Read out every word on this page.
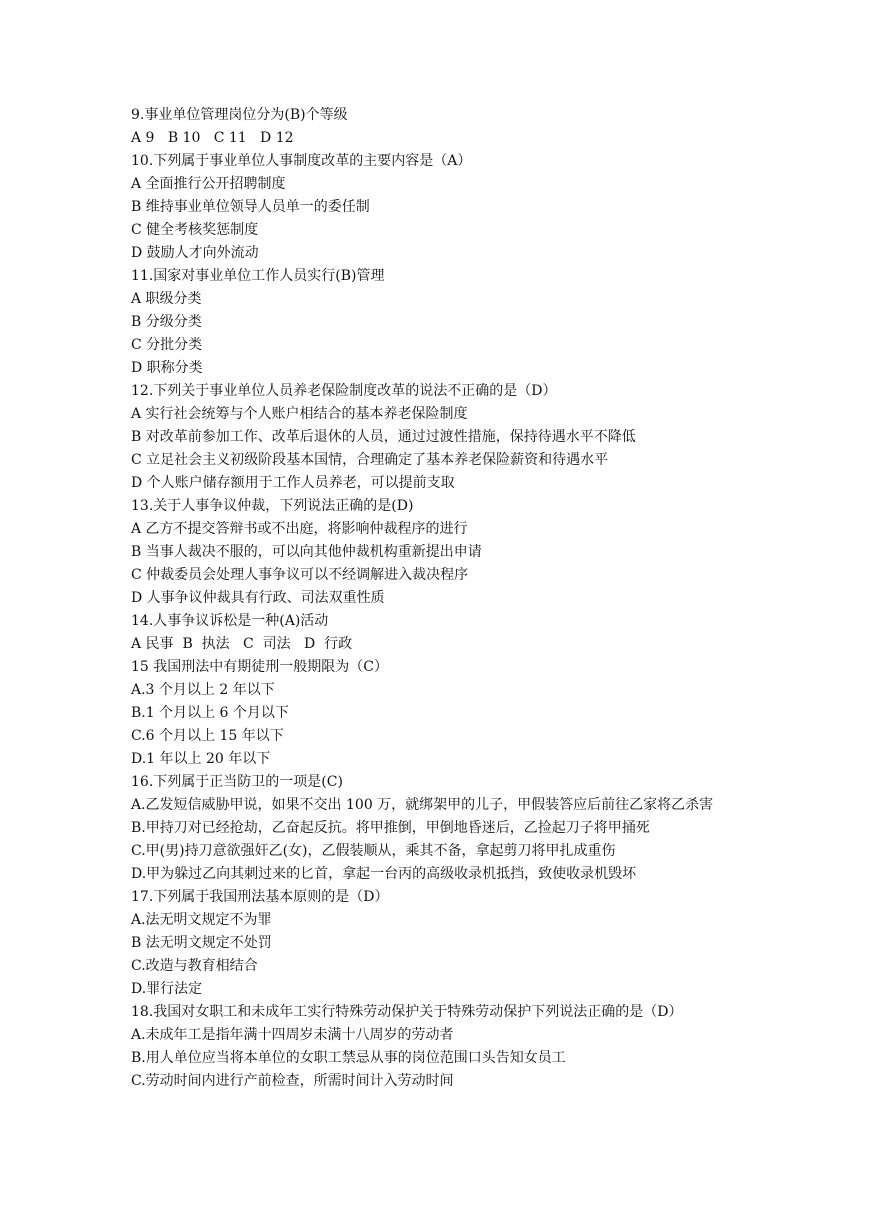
9.事业单位管理岗位分为(B)个等级
A 9   B 10   C 11   D 12
10.下列属于事业单位人事制度改革的主要内容是（A）
A 全面推行公开招聘制度
B 维持事业单位领导人员单一的委任制
C 健全考核奖惩制度
D 鼓励人才向外流动
11.国家对事业单位工作人员实行(B)管理
A 职级分类
B 分级分类
C 分批分类
D 职称分类
12.下列关于事业单位人员养老保险制度改革的说法不正确的是（D）
A 实行社会统筹与个人账户相结合的基本养老保险制度
B 对改革前参加工作、改革后退休的人员，通过过渡性措施，保持待遇水平不降低
C 立足社会主义初级阶段基本国情，合理确定了基本养老保险薪资和待遇水平
D 个人账户储存额用于工作人员养老，可以提前支取
13.关于人事争议仲裁，下列说法正确的是(D)
A 乙方不提交答辩书或不出庭，将影响仲裁程序的进行
B 当事人裁决不服的，可以向其他仲裁机构重新提出申请
C 仲裁委员会处理人事争议可以不经调解进入裁决程序
D 人事争议仲裁具有行政、司法双重性质
14.人事争议诉松是一种(A)活动
A 民事  B  执法   C  司法   D  行政
15 我国刑法中有期徒刑一般期限为（C）
A.3 个月以上 2 年以下
B.1 个月以上 6 个月以下
C.6 个月以上 15 年以下
D.1 年以上 20 年以下
16.下列属于正当防卫的一项是(C)
A.乙发短信威胁甲说，如果不交出 100 万，就绑架甲的儿子，甲假装答应后前往乙家将乙杀害
B.甲持刀对已经抢劫，乙奋起反抗。将甲推倒，甲倒地昏迷后，乙捡起刀子将甲捅死
C.甲(男)持刀意欲强奸乙(女)，乙假装顺从，乘其不备，拿起剪刀将甲扎成重伤
D.甲为躲过乙向其刺过来的匕首，拿起一台丙的高级收录机抵挡，致使收录机毁坏
17.下列属于我国刑法基本原则的是（D）
A.法无明文规定不为罪
B 法无明文规定不处罚
C.改造与教育相结合
D.罪行法定
18.我国对女职工和未成年工实行特殊劳动保护关于特殊劳动保护下列说法正确的是（D）
A.未成年工是指年满十四周岁未满十八周岁的劳动者
B.用人单位应当将本单位的女职工禁忌从事的岗位范围口头告知女员工
C.劳动时间内进行产前检查，所需时间计入劳动时间
